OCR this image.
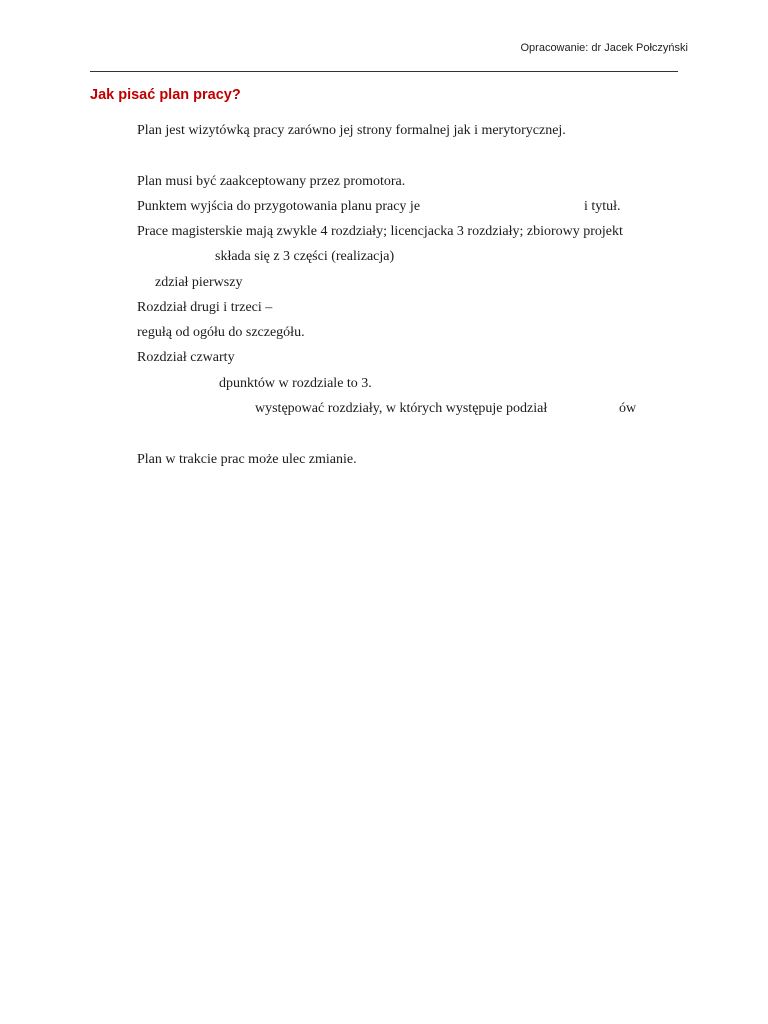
Opracowanie: dr Jacek Połczyński
Jak pisać plan pracy?
Plan jest wizytówką pracy zarówno jej strony formalnej jak i merytorycznej.
Plan musi być zaakceptowany przez promotora.
Punktem wyjścia do przygotowania planu pracy je	i tytuł.
Prace magisterskie mają zwykle 4 rozdziały; licencjacka 3 rozdziały; zbiorowy projekt
składa się z 3 części (realizacja)
zdział pierwszy
Rozdział drugi i trzeci –
regułą od ogółu do szczegółu.
Rozdział czwarty
dpunktów w rozdziale to 3.
występować rozdziały, w których występuje podział	ów
Plan w trakcie prac może ulec zmianie.
